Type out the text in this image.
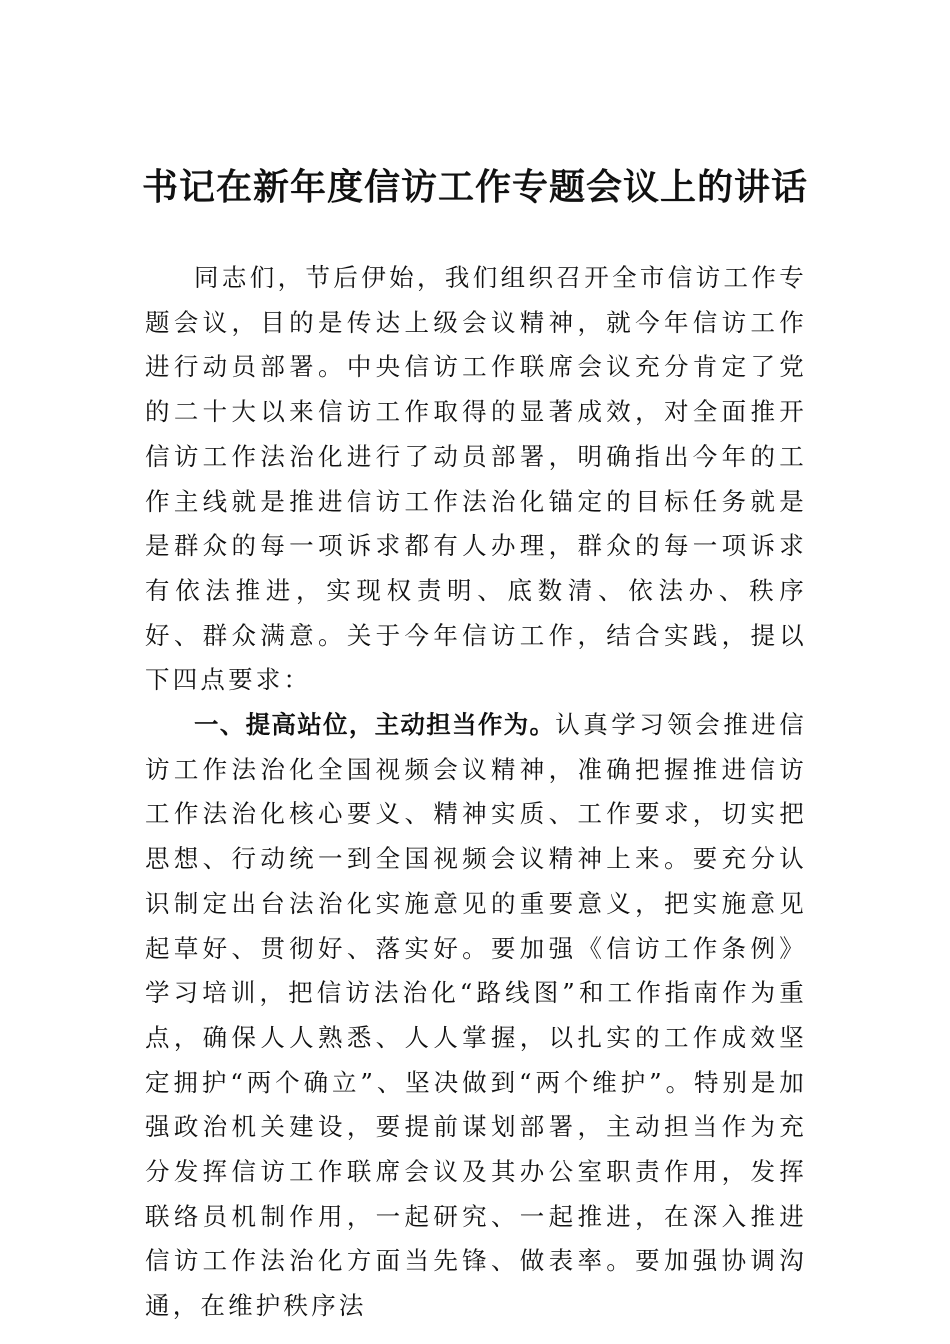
书记在新年度信访工作专题会议上的讲话

同志们，节后伊始，我们组织召开全市信访工作专题会议，目的是传达上级会议精神，就今年信访工作进行动员部署。中央信访工作联席会议充分肯定了党的二十大以来信访工作取得的显著成效，对全面推开信访工作法治化进行了动员部署，明确指出今年的工作主线就是推进信访工作法治化锚定的目标任务就是是群众的每一项诉求都有人办理，群众的每一项诉求有依法推进，实现权责明、底数清、依法办、秩序好、群众满意。关于今年信访工作，结合实践，提以下四点要求：

一、提高站位，主动担当作为。认真学习领会推进信访工作法治化全国视频会议精神，准确把握推进信访工作法治化核心要义、精神实质、工作要求，切实把思想、行动统一到全国视频会议精神上来。要充分认识制定出台法治化实施意见的重要意义，把实施意见起草好、贯彻好、落实好。要加强《信访工作条例》学习培训，把信访法治化“路线图”和工作指南作为重点，确保人人熟悉、人人掌握，以扎实的工作成效坚定拥护“两个确立”、坚决做到“两个维护”。特别是加强政治机关建设，要提前谋划部署，主动担当作为充分发挥信访工作联席会议及其办公室职责作用，发挥联络员机制作用，一起研究、一起推进，在深入推进信访工作法治化方面当先锋、做表率。要加强协调沟通，在维护秩序法
